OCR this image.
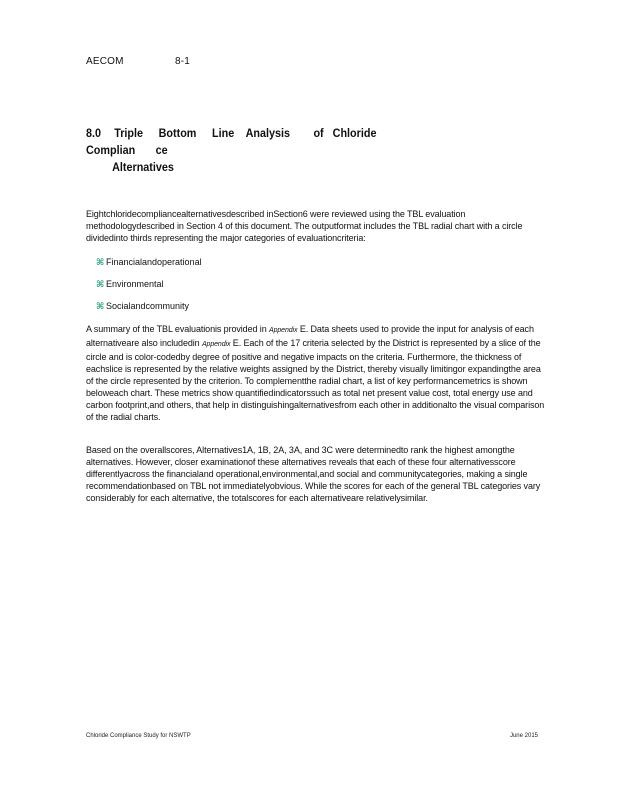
AECOM	8-1
8.0 Triple Bottom Line Analysis of Chloride Complian ce
Alternatives
Eightchloridecompliancealternativesdescribed inSection6 were reviewed using the TBL evaluation methodologydescribed in Section 4 of this document. The outputformat includes the TBL radial chart with a circle dividedinto thirds representing the major categories of evaluationcriteria:
⌘ Financialandoperational
⌘ Environmental
⌘ Socialandcommunity
A summary of the TBL evaluationis provided in Appendix E. Data sheets used to provide the input for analysis of each alternativeare also includedin Appendix E. Each of the 17 criteria selected by the District is represented by a slice of the circle and is color-codedby degree of positive and negative impacts on the criteria. Furthermore, the thickness of eachslice is represented by the relative weights assigned by the District, thereby visually limitingor expandingthe area of the circle represented by the criterion. To complementthe radial chart, a list of key performancemetrics is shown beloweach chart. These metrics show quantifiedindicatorssuch as total net present value cost, total energy use and carbon footprint,and others, that help in distinguishingalternativesfrom each other in additionalto the visual comparison of the radial charts.
Based on the overallscores, Alternatives1A, 1B, 2A, 3A, and 3C were determinedto rank the highest amongthe alternatives. However, closer examinationof these alternatives reveals that each of these four alternativesscore differentlyacross the financialand operational,environmental,and social and communitycategories, making a single recommendationbased on TBL not immediatelyobvious. While the scores for each of the general TBL categories vary considerably for each alternative, the totalscores for each alternativeare relativelysimilar.
Chloride Compliance Study for NSWTP	June 2015
